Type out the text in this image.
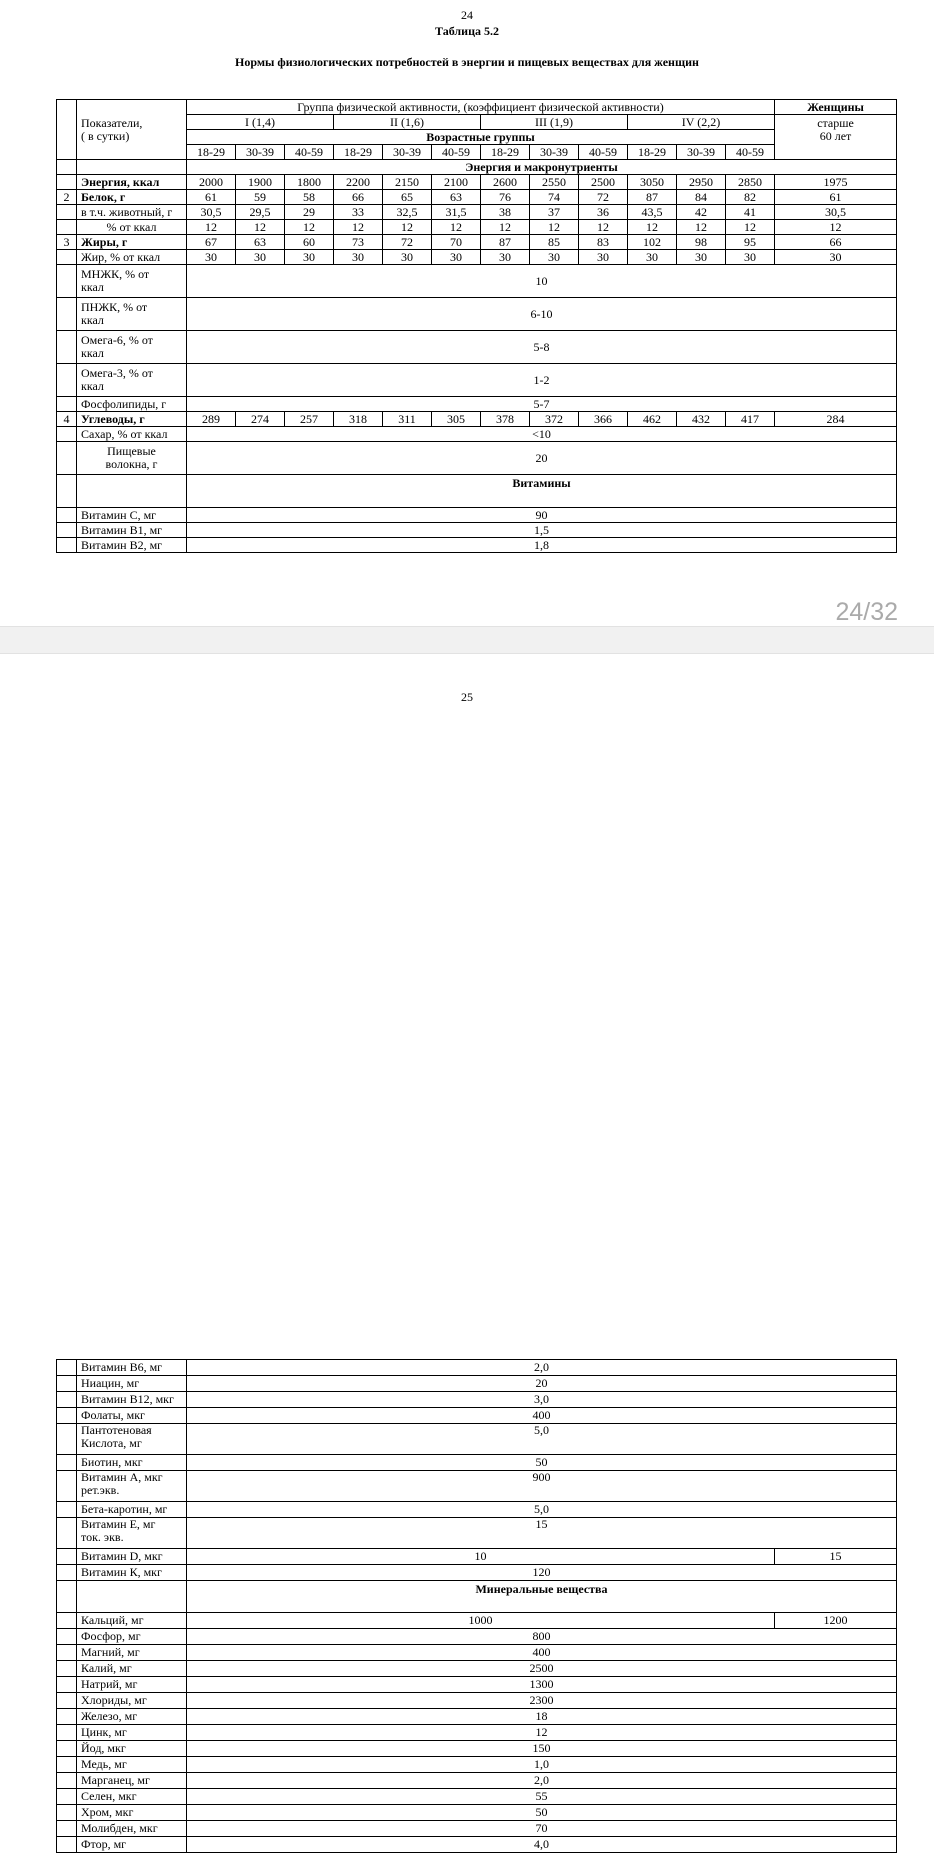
24
Таблица 5.2
Нормы физиологических потребностей в энергии и пищевых веществах для женщин
	Показатели,
( в сутки)	Группа физической активности, (коэффициент физической активности)												Женщины
		I (1,4)			II (1,6)			III (1,9)			IV (2,2)			старше
60 лет
		Возрастные группы												
		18-29	30-39	40-59	18-29	30-39	40-59	18-29	30-39	40-59	18-29	30-39	40-59	
		Энергия и макронутриенты												
	Энергия, ккал	2000	1900	1800	2200	2150	2100	2600	2550	2500	3050	2950	2850	1975
2	Белок, г	61	59	58	66	65	63	76	74	72	87	84	82	61
	в т.ч. животный, г	30,5	29,5	29	33	32,5	31,5	38	37	36	43,5	42	41	30,5
	% от ккал	12	12	12	12	12	12	12	12	12	12	12	12	12
3	Жиры, г	67	63	60	73	72	70	87	85	83	102	98	95	66
	Жир, % от ккал	30	30	30	30	30	30	30	30	30	30	30	30	30
	МНЖК, % от
ккал	10												
	ПНЖК, % от
ккал	6-10												
	Омега-6, % от
ккал	5-8												
	Омега-3, % от
ккал	1-2												
	Фосфолипиды, г	5-7												
4	Углеводы, г	289	274	257	318	311	305	378	372	366	462	432	417	284
	Сахар, % от ккал	<10												
	Пищевые
волокна, г	20												
		Витамины												
	Витамин С, мг	90												
	Витамин В1, мг	1,5												
	Витамин В2, мг	1,8												
24/32
25
	Витамин В6, мг	2,0	
	Ниацин, мг	20	
	Витамин В12, мкг	3,0	
	Фолаты, мкг	400	
	Пантотеновая
Кислота, мг	5,0	
	Биотин, мкг	50	
	Витамин А, мкг
рет.экв.	900	
	Бета-каротин, мг	5,0	
	Витамин Е, мг
ток. экв.	15	
	Витамин D, мкг	10	15
	Витамин К, мкг	120	
		Минеральные вещества	
	Кальций, мг	1000	1200
	Фосфор, мг	800	
	Магний, мг	400	
	Калий, мг	2500	
	Натрий, мг	1300	
	Хлориды, мг	2300	
	Железо, мг	18	
	Цинк, мг	12	
	Йод, мкг	150	
	Медь, мг	1,0	
	Марганец, мг	2,0	
	Селен, мкг	55	
	Хром, мкг	50	
	Молибден, мкг	70	
	Фтор, мг	4,0	
